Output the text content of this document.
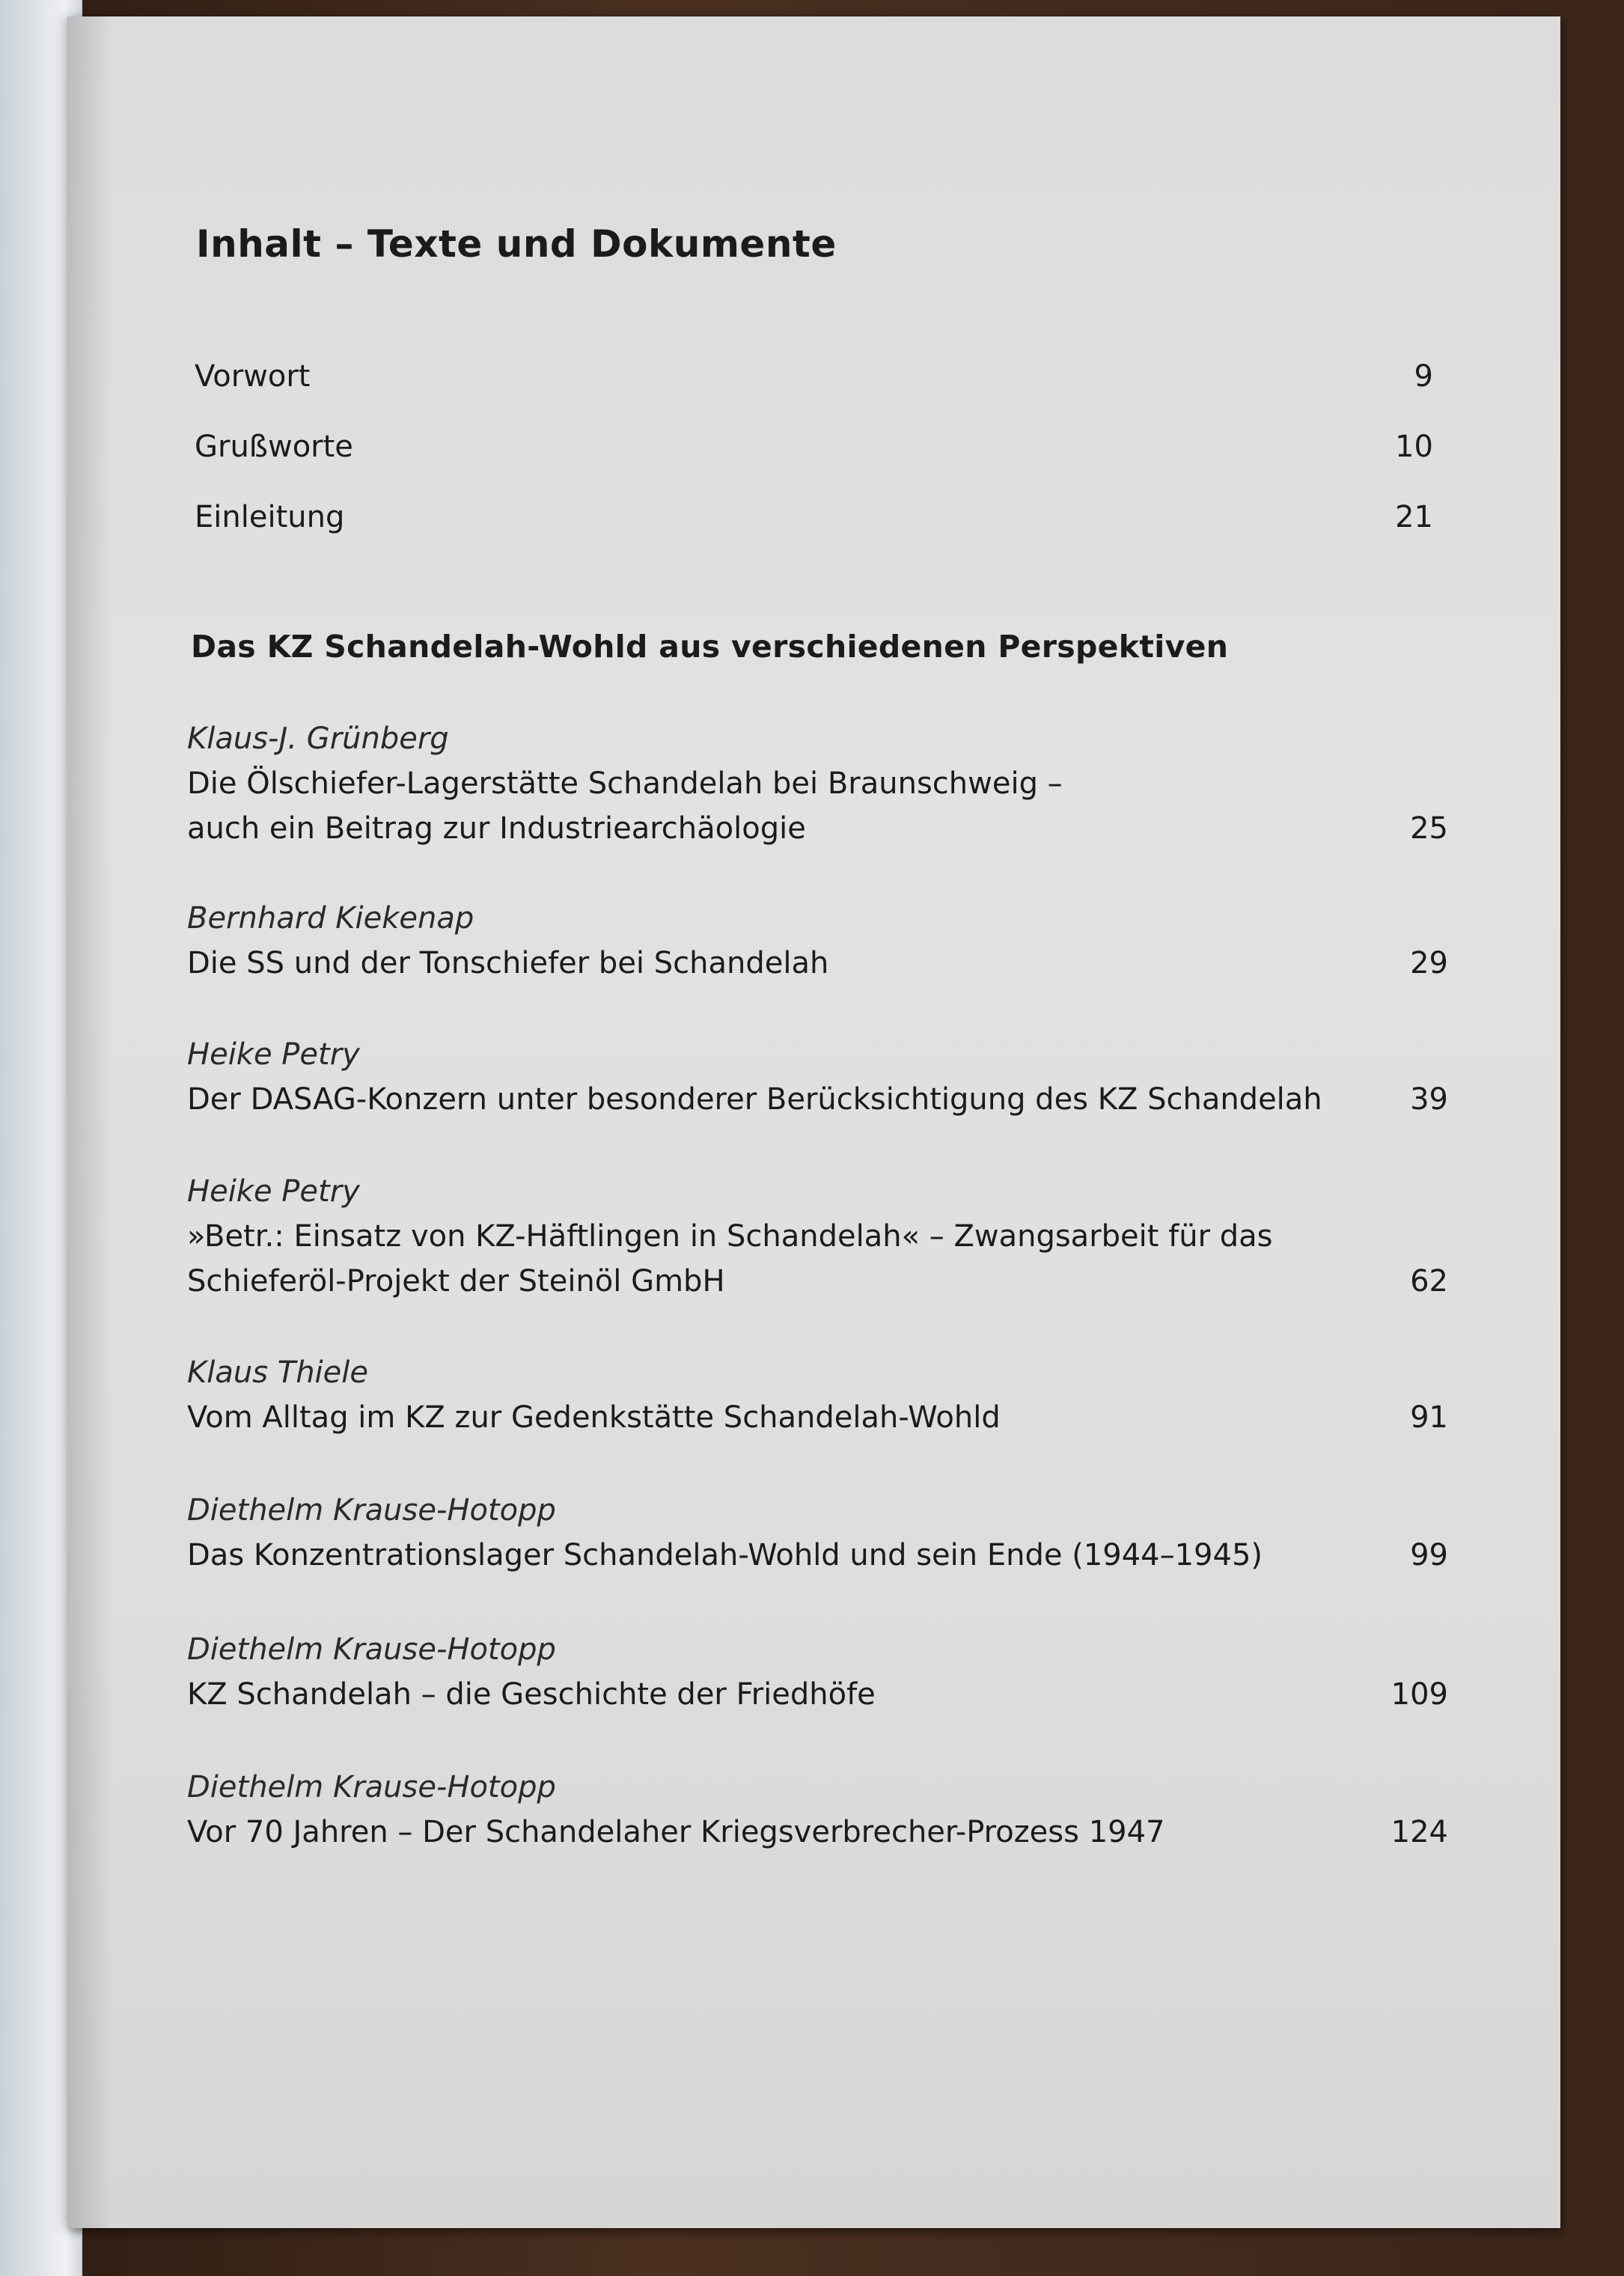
Inhalt – Texte und Dokumente
Vorwort	9
Grußworte	10
Einleitung	21
Das KZ Schandelah-Wohld aus verschiedenen Perspektiven
Klaus-J. Grünberg
Die Ölschiefer-Lagerstätte Schandelah bei Braunschweig –
auch ein Beitrag zur Industriearchäologie	25
Bernhard Kiekenap
Die SS und der Tonschiefer bei Schandelah	29
Heike Petry
Der DASAG-Konzern unter besonderer Berücksichtigung des KZ Schandelah	39
Heike Petry
»Betr.: Einsatz von KZ-Häftlingen in Schandelah« – Zwangsarbeit für das
Schieferöl-Projekt der Steinöl GmbH	62
Klaus Thiele
Vom Alltag im KZ zur Gedenkstätte Schandelah-Wohld	91
Diethelm Krause-Hotopp
Das Konzentrationslager Schandelah-Wohld und sein Ende (1944–1945)	99
Diethelm Krause-Hotopp
KZ Schandelah – die Geschichte der Friedhöfe	109
Diethelm Krause-Hotopp
Vor 70 Jahren – Der Schandelaher Kriegsverbrecher-Prozess 1947	124
